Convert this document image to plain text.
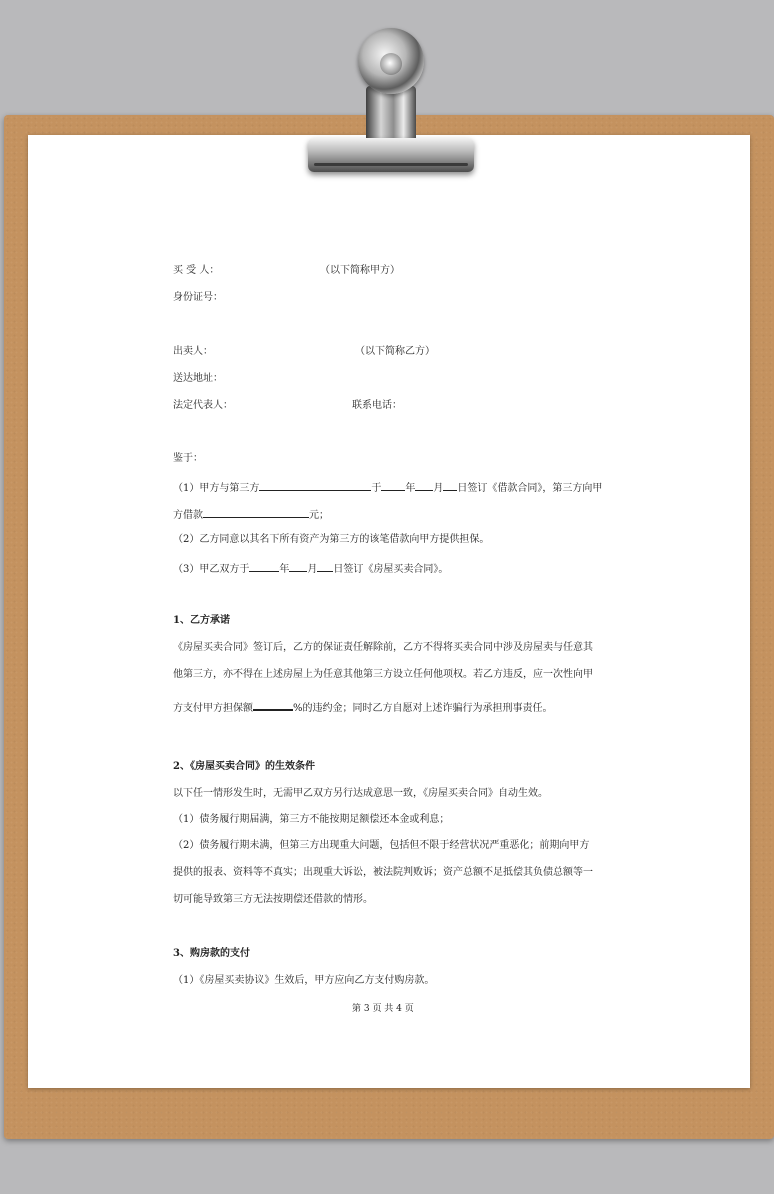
买 受 人：	（以下简称甲方）

身份证号：

出卖人：	（以下简称乙方）

送达地址：

法定代表人：	联系电话：

鉴于：

（1）甲方与第三方	于 年 月 日签订《借款合同》，第三方向甲

方借款	元；

（2）乙方同意以其名下所有资产为第三方的该笔借款向甲方提供担保。

（3）甲乙双方于	年 月 日签订《房屋买卖合同》。

1、乙方承诺

《房屋买卖合同》签订后，乙方的保证责任解除前，乙方不得将买卖合同中涉及房屋卖与任意其

他第三方，亦不得在上述房屋上为任意其他第三方设立任何他项权。若乙方违反，应一次性向甲

方支付甲方担保额	%的违约金；同时乙方自愿对上述诈骗行为承担刑事责任。

2、《房屋买卖合同》的生效条件

以下任一情形发生时，无需甲乙双方另行达成意思一致，《房屋买卖合同》自动生效。

（1）债务履行期届满，第三方不能按期足额偿还本金或利息；

（2）债务履行期未满，但第三方出现重大问题，包括但不限于经营状况严重恶化；前期向甲方

提供的报表、资料等不真实；出现重大诉讼，被法院判败诉；资产总额不足抵偿其负债总额等一

切可能导致第三方无法按期偿还借款的情形。

3、购房款的支付

（1）《房屋买卖协议》生效后，甲方应向乙方支付购房款。

第 3 页 共 4 页
